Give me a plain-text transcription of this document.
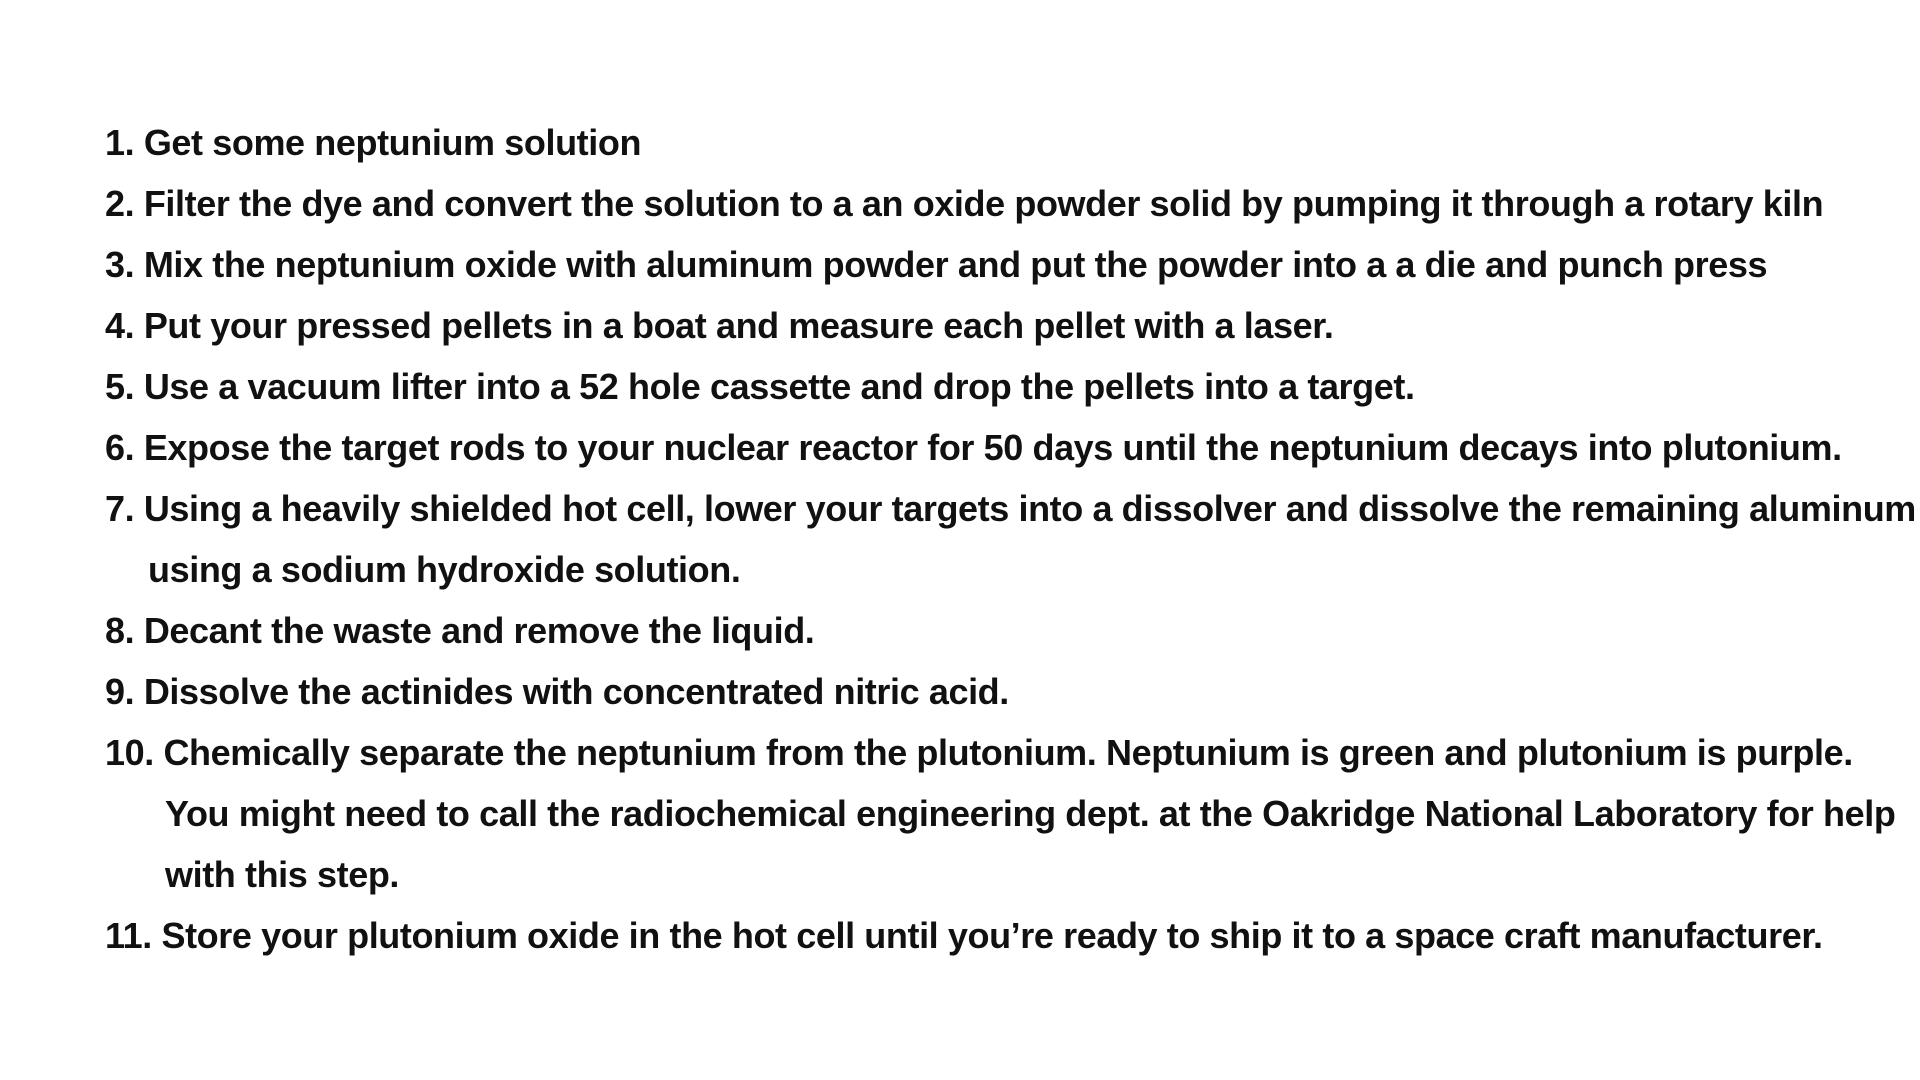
1. Get some neptunium solution
2. Filter the dye and convert the solution to a an oxide powder solid by pumping it through a rotary kiln
3. Mix the neptunium oxide with aluminum powder and put the powder into a a die and punch press
4. Put your pressed pellets in a boat and measure each pellet with a laser.
5. Use a vacuum lifter into a 52 hole cassette and drop the pellets into a target.
6. Expose the target rods to your nuclear reactor for 50 days until the neptunium decays into plutonium.
7. Using a heavily shielded hot cell, lower your targets into a dissolver and dissolve the remaining aluminum
using a sodium hydroxide solution.
8. Decant the waste and remove the liquid.
9. Dissolve the actinides with concentrated nitric acid.
10. Chemically separate the neptunium from the plutonium. Neptunium is green and plutonium is purple.
You might need to call the radiochemical engineering dept. at the Oakridge National Laboratory for help
with this step.
11. Store your plutonium oxide in the hot cell until you’re ready to ship it to a space craft manufacturer.
